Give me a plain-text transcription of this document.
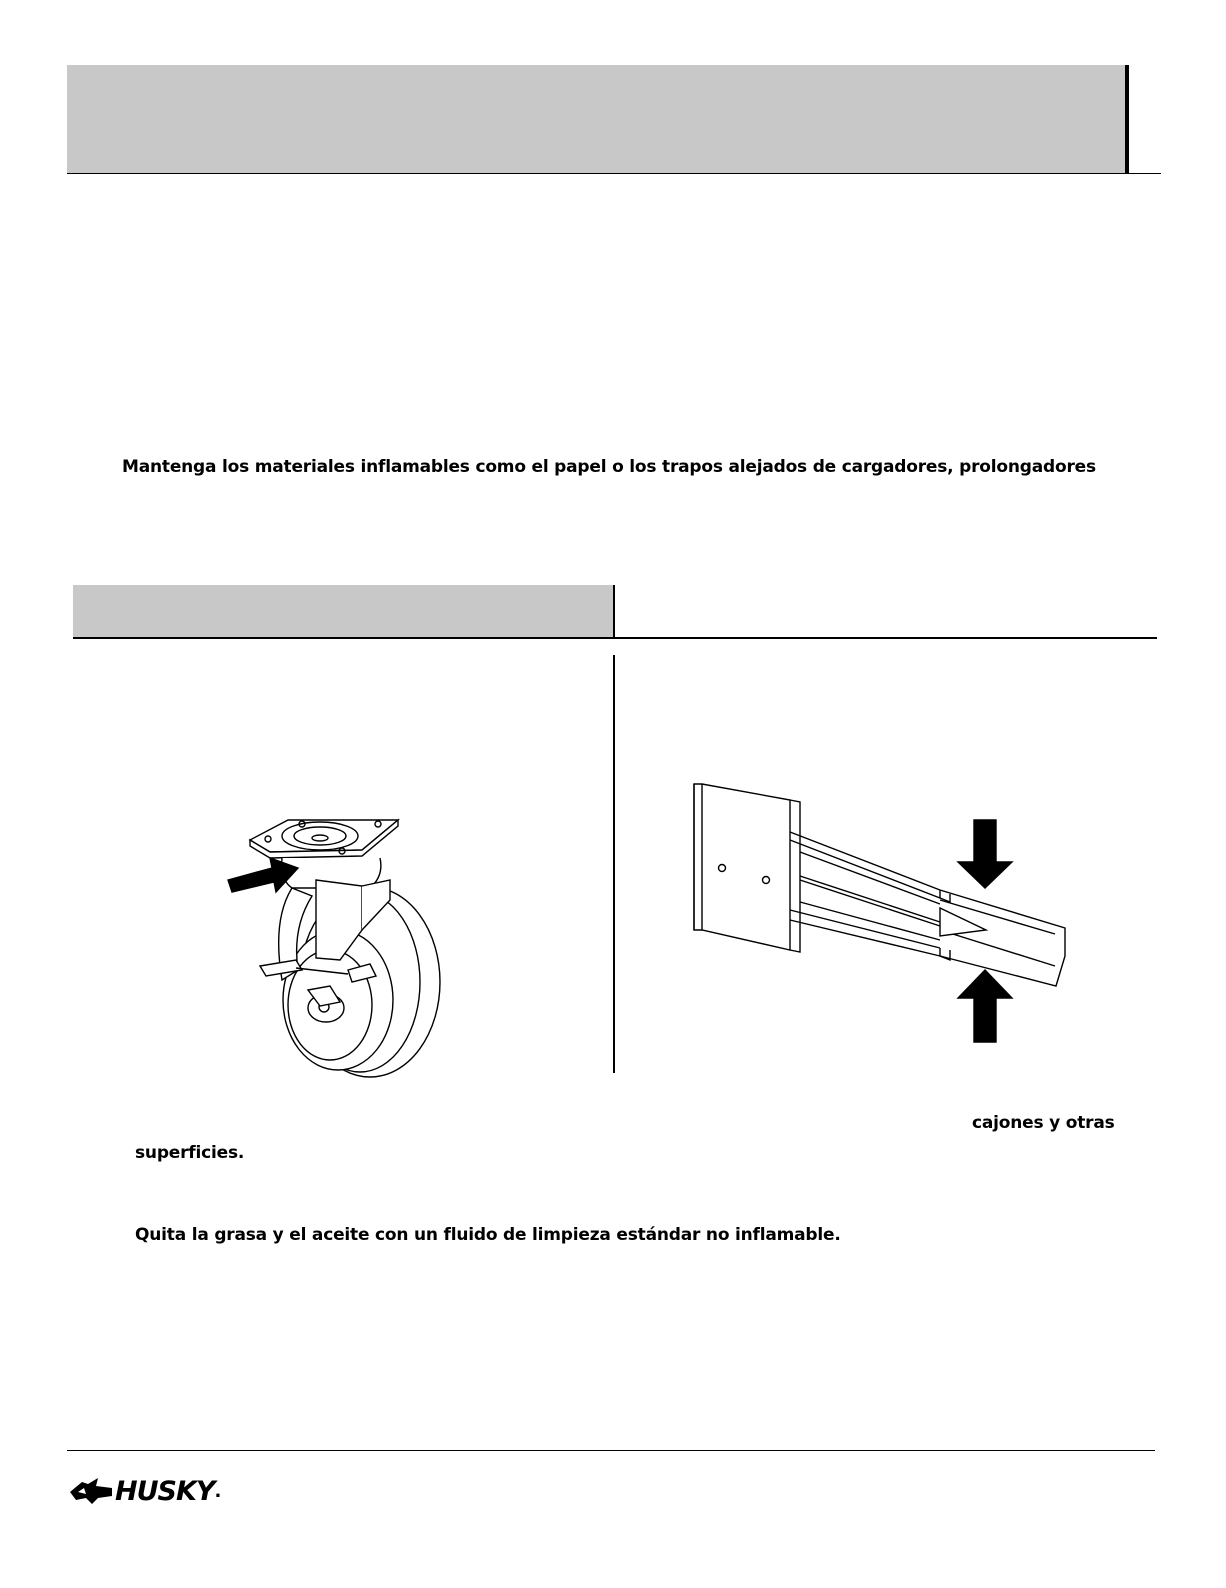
Mantenga los materiales inflamables como el papel o los trapos alejados de cargadores, prolongadores
cajones y otras
superficies.
Quita la grasa y el aceite con un fluido de limpieza estándar no inflamable.
HUSKY .
